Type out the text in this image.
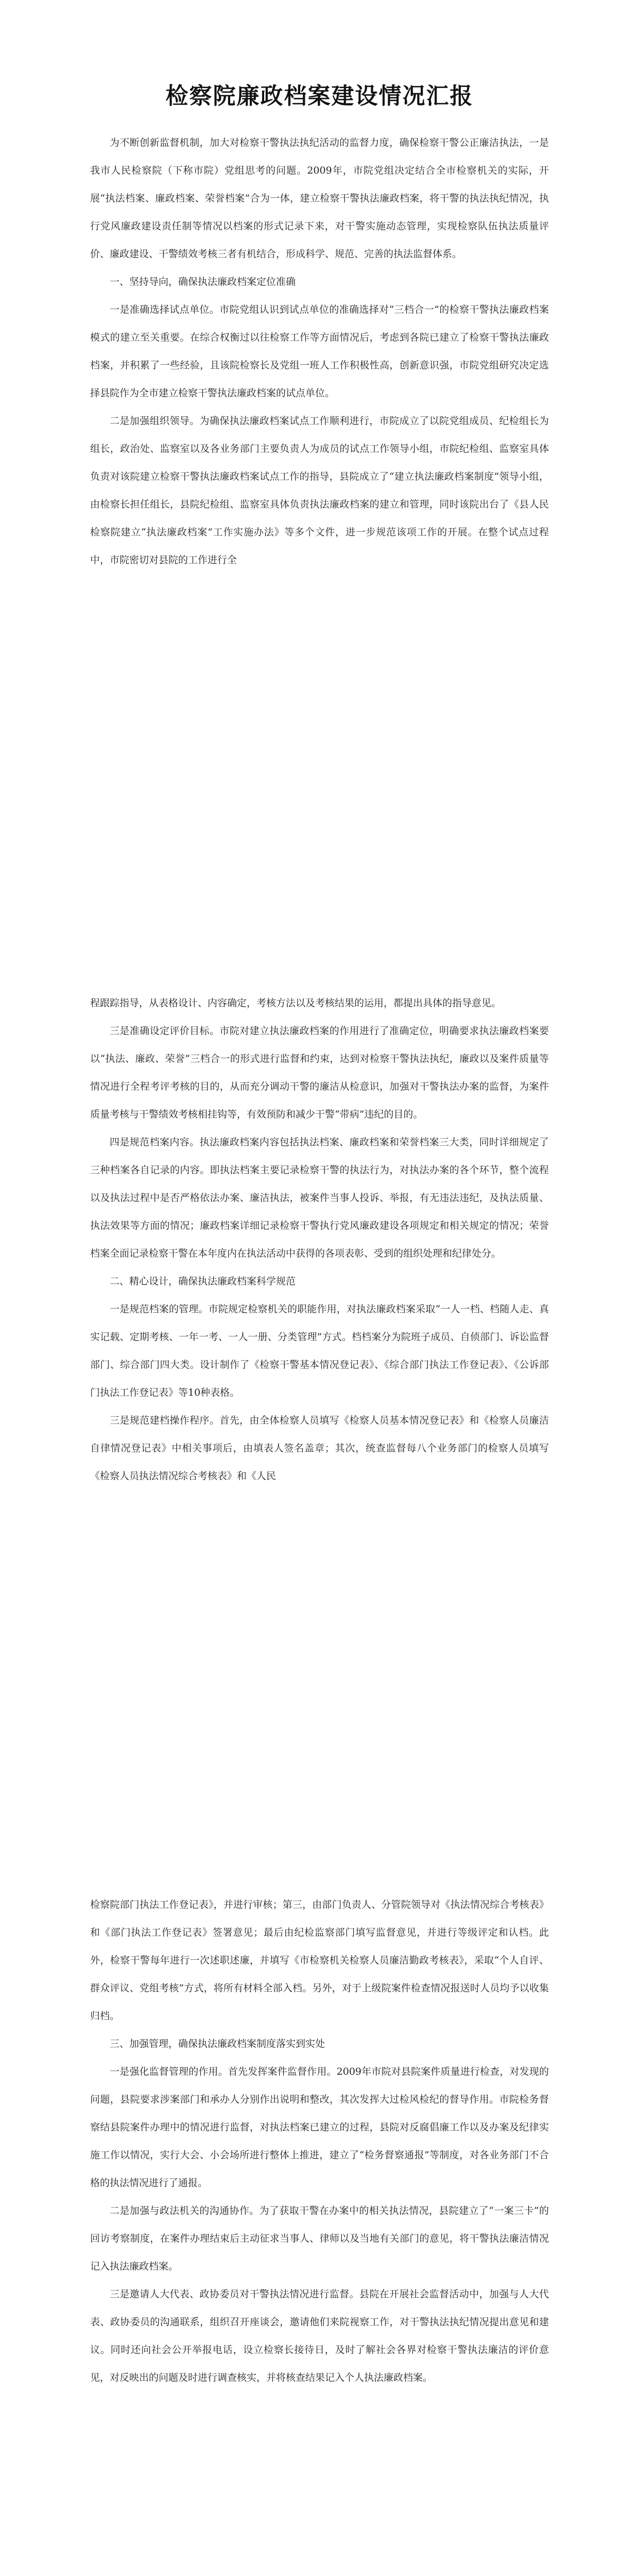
检察院廉政档案建设情况汇报

为不断创新监督机制，加大对检察干警执法执纪活动的监督力度，确保检察干警公正廉洁执法，一是我市人民检察院（下称市院）党组思考的问题。2009年，市院党组决定结合全市检察机关的实际，开展“执法档案、廉政档案、荣誉档案”合为一体，建立检察干警执法廉政档案，将干警的执法执纪情况，执行党风廉政建设责任制等情况以档案的形式记录下来，对干警实施动态管理，实现检察队伍执法质量评价、廉政建设、干警绩效考核三者有机结合，形成科学、规范、完善的执法监督体系。

一、坚持导向，确保执法廉政档案定位准确

一是准确选择试点单位。市院党组认识到试点单位的准确选择对“三档合一”的检察干警执法廉政档案模式的建立至关重要。在综合权衡过以往检察工作等方面情况后，考虑到各院已建立了检察干警执法廉政档案，并积累了一些经验，且该院检察长及党组一班人工作积极性高，创新意识强，市院党组研究决定选择县院作为全市建立检察干警执法廉政档案的试点单位。

二是加强组织领导。为确保执法廉政档案试点工作顺利进行，市院成立了以院党组成员、纪检组长为组长，政治处、监察室以及各业务部门主要负责人为成员的试点工作领导小组，市院纪检组、监察室具体负责对该院建立检察干警执法廉政档案试点工作的指导，县院成立了“建立执法廉政档案制度”领导小组，由检察长担任组长，县院纪检组、监察室具体负责执法廉政档案的建立和管理，同时该院出台了《县人民检察院建立“执法廉政档案”工作实施办法》等多个文件，进一步规范该项工作的开展。在整个试点过程中，市院密切对县院的工作进行全

程跟踪指导，从表格设计、内容确定，考核方法以及考核结果的运用，都提出具体的指导意见。

三是准确设定评价目标。市院对建立执法廉政档案的作用进行了准确定位，明确要求执法廉政档案要以“执法、廉政、荣誉”三档合一的形式进行监督和约束，达到对检察干警执法执纪，廉政以及案件质量等情况进行全程考评考核的目的，从而充分调动干警的廉洁从检意识，加强对干警执法办案的监督，为案件质量考核与干警绩效考核相挂钩等，有效预防和减少干警“带病”违纪的目的。

四是规范档案内容。执法廉政档案内容包括执法档案、廉政档案和荣誉档案三大类，同时详细规定了三种档案各自记录的内容。即执法档案主要记录检察干警的执法行为，对执法办案的各个环节，整个流程以及执法过程中是否严格依法办案、廉洁执法，被案件当事人投诉、举报，有无违法违纪，及执法质量、执法效果等方面的情况；廉政档案详细记录检察干警执行党风廉政建设各项规定和相关规定的情况；荣誉档案全面记录检察干警在本年度内在执法活动中获得的各项表彰、受到的组织处理和纪律处分。

二、精心设计，确保执法廉政档案科学规范

一是规范档案的管理。市院规定检察机关的职能作用，对执法廉政档案采取“一人一档、档随人走、真实记载、定期考核、一年一考、一人一册、分类管理”方式。档档案分为院班子成员、自侦部门、诉讼监督部门、综合部门四大类。设计制作了《检察干警基本情况登记表》、《综合部门执法工作登记表》、《公诉部门执法工作登记表》等10种表格。

三是规范建档操作程序。首先，由全体检察人员填写《检察人员基本情况登记表》和《检察人员廉洁自律情况登记表》中相关事项后，由填表人签名盖章；其次，统查监督每八个业务部门的检察人员填写《检察人员执法情况综合考核表》和《人民

检察院部门执法工作登记表》，并进行审核；第三，由部门负责人、分管院领导对《执法情况综合考核表》和《部门执法工作登记表》签署意见；最后由纪检监察部门填写监督意见，并进行等级评定和认档。此外，检察干警每年进行一次述职述廉，并填写《市检察机关检察人员廉洁勤政考核表》，采取“个人自评、群众评议、党组考核”方式，将所有材料全部入档。另外，对于上级院案件检查情况报送时人员均予以收集归档。

三、加强管理，确保执法廉政档案制度落实到实处

一是强化监督管理的作用。首先发挥案件监督作用。2009年市院对县院案件质量进行检查，对发现的问题，县院要求涉案部门和承办人分别作出说明和整改，其次发挥大过检风检纪的督导作用。市院检务督察结县院案件办理中的情况进行监督，对执法档案已建立的过程，县院对反腐倡廉工作以及办案及纪律实施工作以情况，实行大会、小会场所进行整体上推进，建立了“检务督察通报”等制度，对各业务部门不合格的执法情况进行了通报。

二是加强与政法机关的沟通协作。为了获取干警在办案中的相关执法情况，县院建立了“一案三卡”的回访考察制度，在案件办理结束后主动征求当事人、律师以及当地有关部门的意见，将干警执法廉洁情况记入执法廉政档案。

三是邀请人大代表、政协委员对干警执法情况进行监督。县院在开展社会监督活动中，加强与人大代表、政协委员的沟通联系，组织召开座谈会，邀请他们来院视察工作，对干警执法执纪情况提出意见和建议。同时还向社会公开举报电话，设立检察长接待日，及时了解社会各界对检察干警执法廉洁的评价意见，对反映出的问题及时进行调查核实，并将核查结果记入个人执法廉政档案。
